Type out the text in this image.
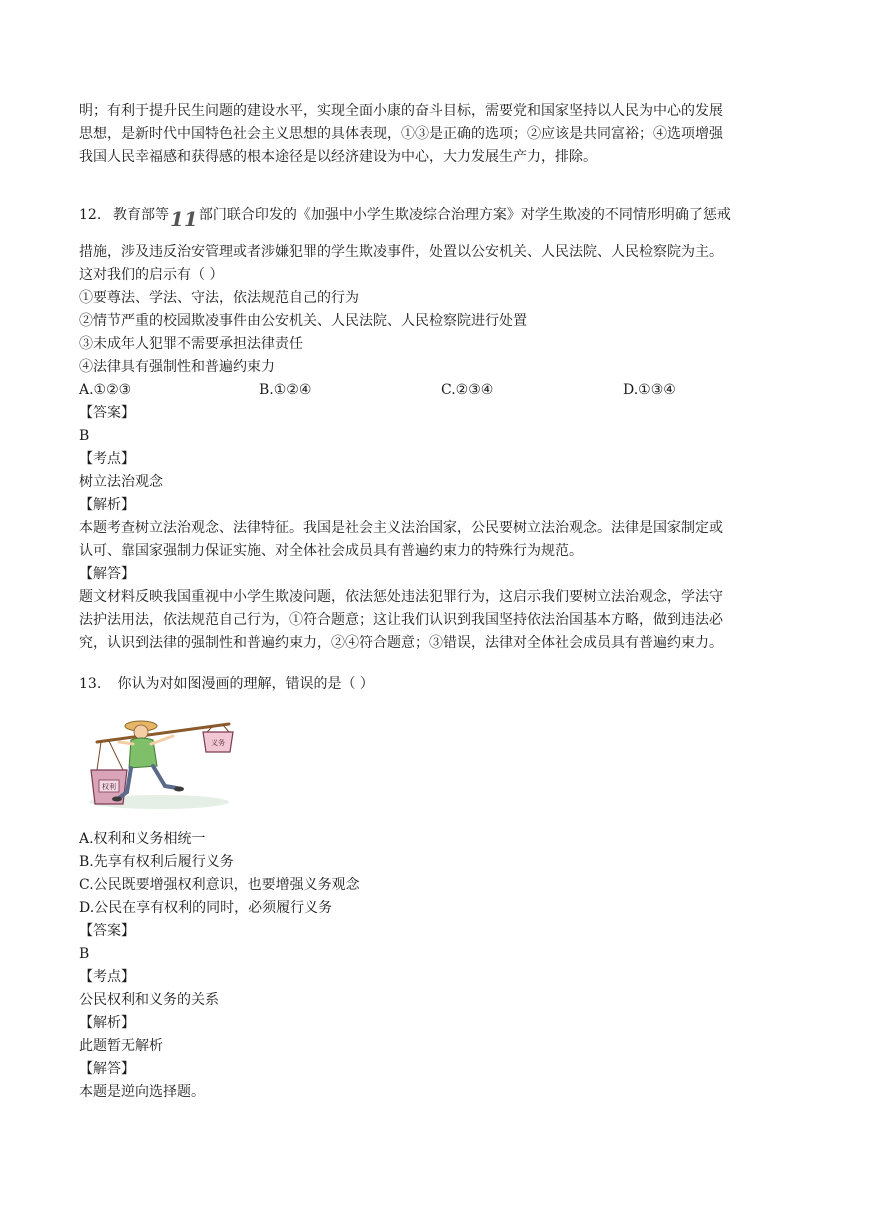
明；有利于提升民生问题的建设水平，实现全面小康的奋斗目标，需要党和国家坚持以人民为中心的发展
思想，是新时代中国特色社会主义思想的具体表现，①③是正确的选项；②应该是共同富裕；④选项增强
我国人民幸福感和获得感的根本途径是以经济建设为中心，大力发展生产力，排除。
12. 教育部等 11 部门联合印发的《加强中小学生欺凌综合治理方案》对学生欺凌的不同情形明确了惩戒
措施，涉及违反治安管理或者涉嫌犯罪的学生欺凌事件，处置以公安机关、人民法院、人民检察院为主。
这对我们的启示有（ ）
①要尊法、学法、守法，依法规范自己的行为
②情节严重的校园欺凌事件由公安机关、人民法院、人民检察院进行处置
③未成年人犯罪不需要承担法律责任
④法律具有强制性和普遍约束力
A.①②③	B.①②④	C.②③④	D.①③④
【答案】
B
【考点】
树立法治观念
【解析】
本题考查树立法治观念、法律特征。我国是社会主义法治国家，公民要树立法治观念。法律是国家制定或
认可、靠国家强制力保证实施、对全体社会成员具有普遍约束力的特殊行为规范。
【解答】
题文材料反映我国重视中小学生欺凌问题，依法惩处违法犯罪行为，这启示我们要树立法治观念，学法守
法护法用法，依法规范自己行为，①符合题意；这让我们认识到我国坚持依法治国基本方略，做到违法必
究，认识到法律的强制性和普遍约束力，②④符合题意；③错误，法律对全体社会成员具有普遍约束力。
13. 你认为对如图漫画的理解，错误的是（ ）
权利
义务
A.权利和义务相统一
B.先享有权利后履行义务
C.公民既要增强权利意识，也要增强义务观念
D.公民在享有权利的同时，必须履行义务
【答案】
B
【考点】
公民权利和义务的关系
【解析】
此题暂无解析
【解答】
本题是逆向选择题。
